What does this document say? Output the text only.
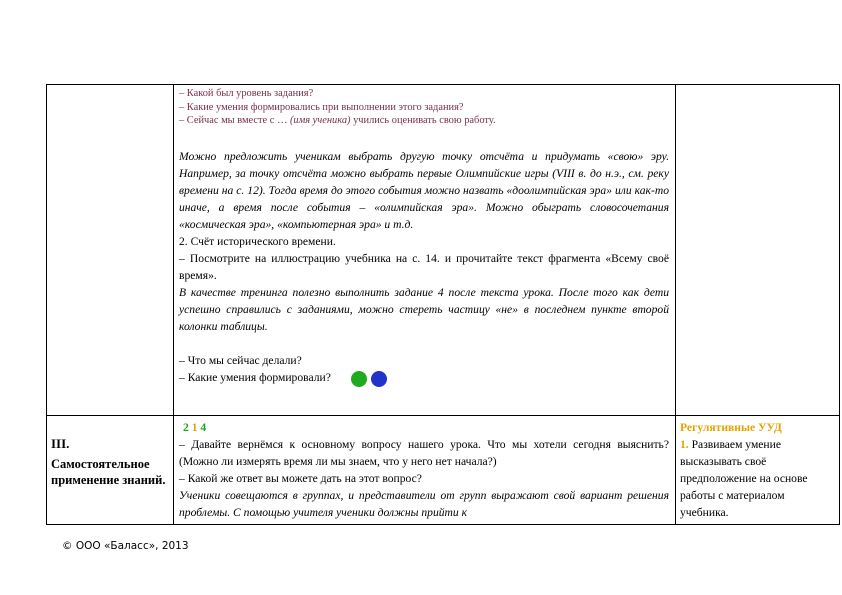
– Какой был уровень задания?

– Какие умения формировались при выполнении этого задания?

– Сейчас мы вместе с … (имя ученика) учились оценивать свою работу.

Можно предложить ученикам выбрать другую точку отсчёта и придумать «свою» эру. Например, за точку отсчёта можно выбрать первые Олимпийские игры (VIII в. до н.э., см. реку времени на с. 12). Тогда время до этого события можно назвать «доолимпийская эра» или как-то иначе, а время после события – «олимпийская эра». Можно обыграть словосочетания «космическая эра», «компьютерная эра» и т.д.

2. Счёт исторического времени.

– Посмотрите на иллюстрацию учебника на с. 14. и прочитайте текст фрагмента «Всему своё время».

В качестве тренинга полезно выполнить задание 4 после текста урока. После того как дети успешно справились с заданиями, можно стереть частицу «не» в последнем пункте второй колонки таблицы.

– Что мы сейчас делали?

– Какие умения формировали?

III.
Самостоятельное применение знаний.

2 1 4

– Давайте вернёмся к основному вопросу нашего урока. Что мы хотели сегодня выяснить? (Можно ли измерять время ли мы знаем, что у него нет начала?)

– Какой же ответ вы можете дать на этот вопрос?

Ученики совещаются в группах, и представители от групп выражают свой вариант решения проблемы. С помощью учителя ученики должны прийти к

Регулятивные УУД

1. Развиваем умение высказывать своё предположение на основе работы с материалом учебника.

© ООО «Баласс», 2013
